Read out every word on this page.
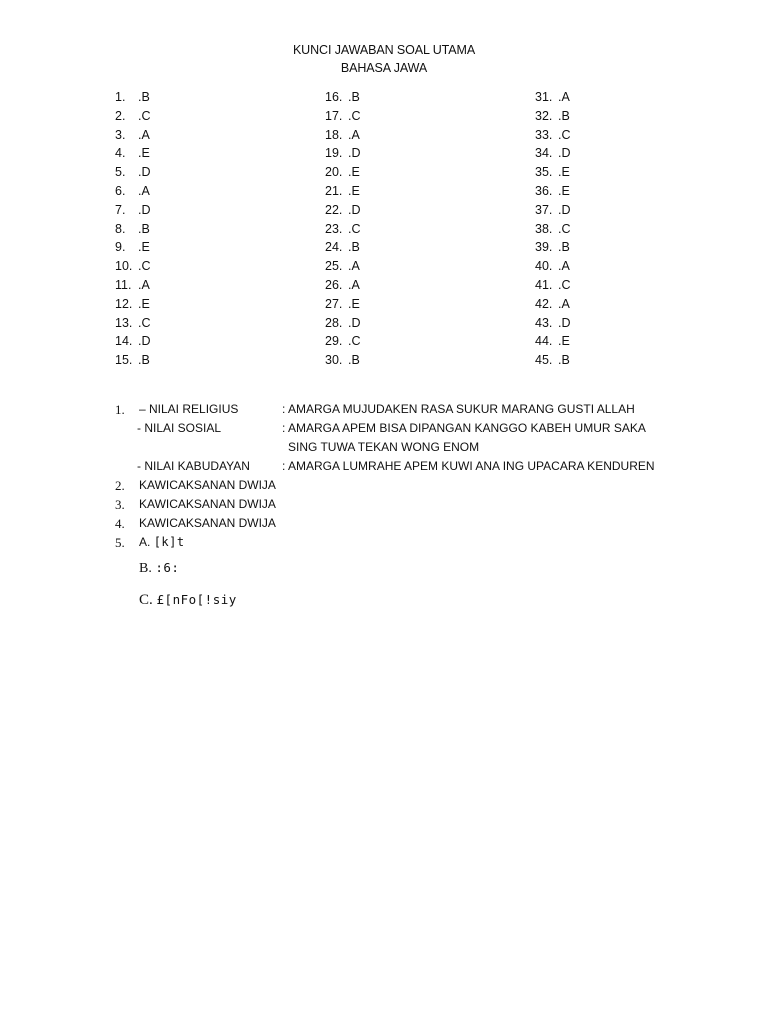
KUNCI JAWABAN SOAL UTAMA
BAHASA JAWA
1. .B
2. .C
3. .A
4. .E
5. .D
6. .A
7. .D
8. .B
9. .E
10. .C
11. .A
12. .E
13. .C
14. .D
15. .B
16. .B
17. .C
18. .A
19. .D
20. .E
21. .E
22. .D
23. .C
24. .B
25. .A
26. .A
27. .E
28. .D
29. .C
30. .B
31. .A
32. .B
33. .C
34. .D
35. .E
36. .E
37. .D
38. .C
39. .B
40. .A
41. .C
42. .A
43. .D
44. .E
45. .B
1. – NILAI RELIGIUS	: AMARGA MUJUDAKEN RASA SUKUR MARANG GUSTI ALLAH
- NILAI SOSIAL	: AMARGA APEM BISA DIPANGAN KANGGO KABEH UMUR SAKA
SING TUWA TEKAN WONG ENOM
- NILAI KABUDAYAN	: AMARGA LUMRAHE APEM KUWI ANA ING UPACARA KENDUREN
2. KAWICAKSANAN DWIJA
3. KAWICAKSANAN DWIJA
4. KAWICAKSANAN DWIJA
5. A. [k]t
B. :6:
C. £[nFo[!siy
